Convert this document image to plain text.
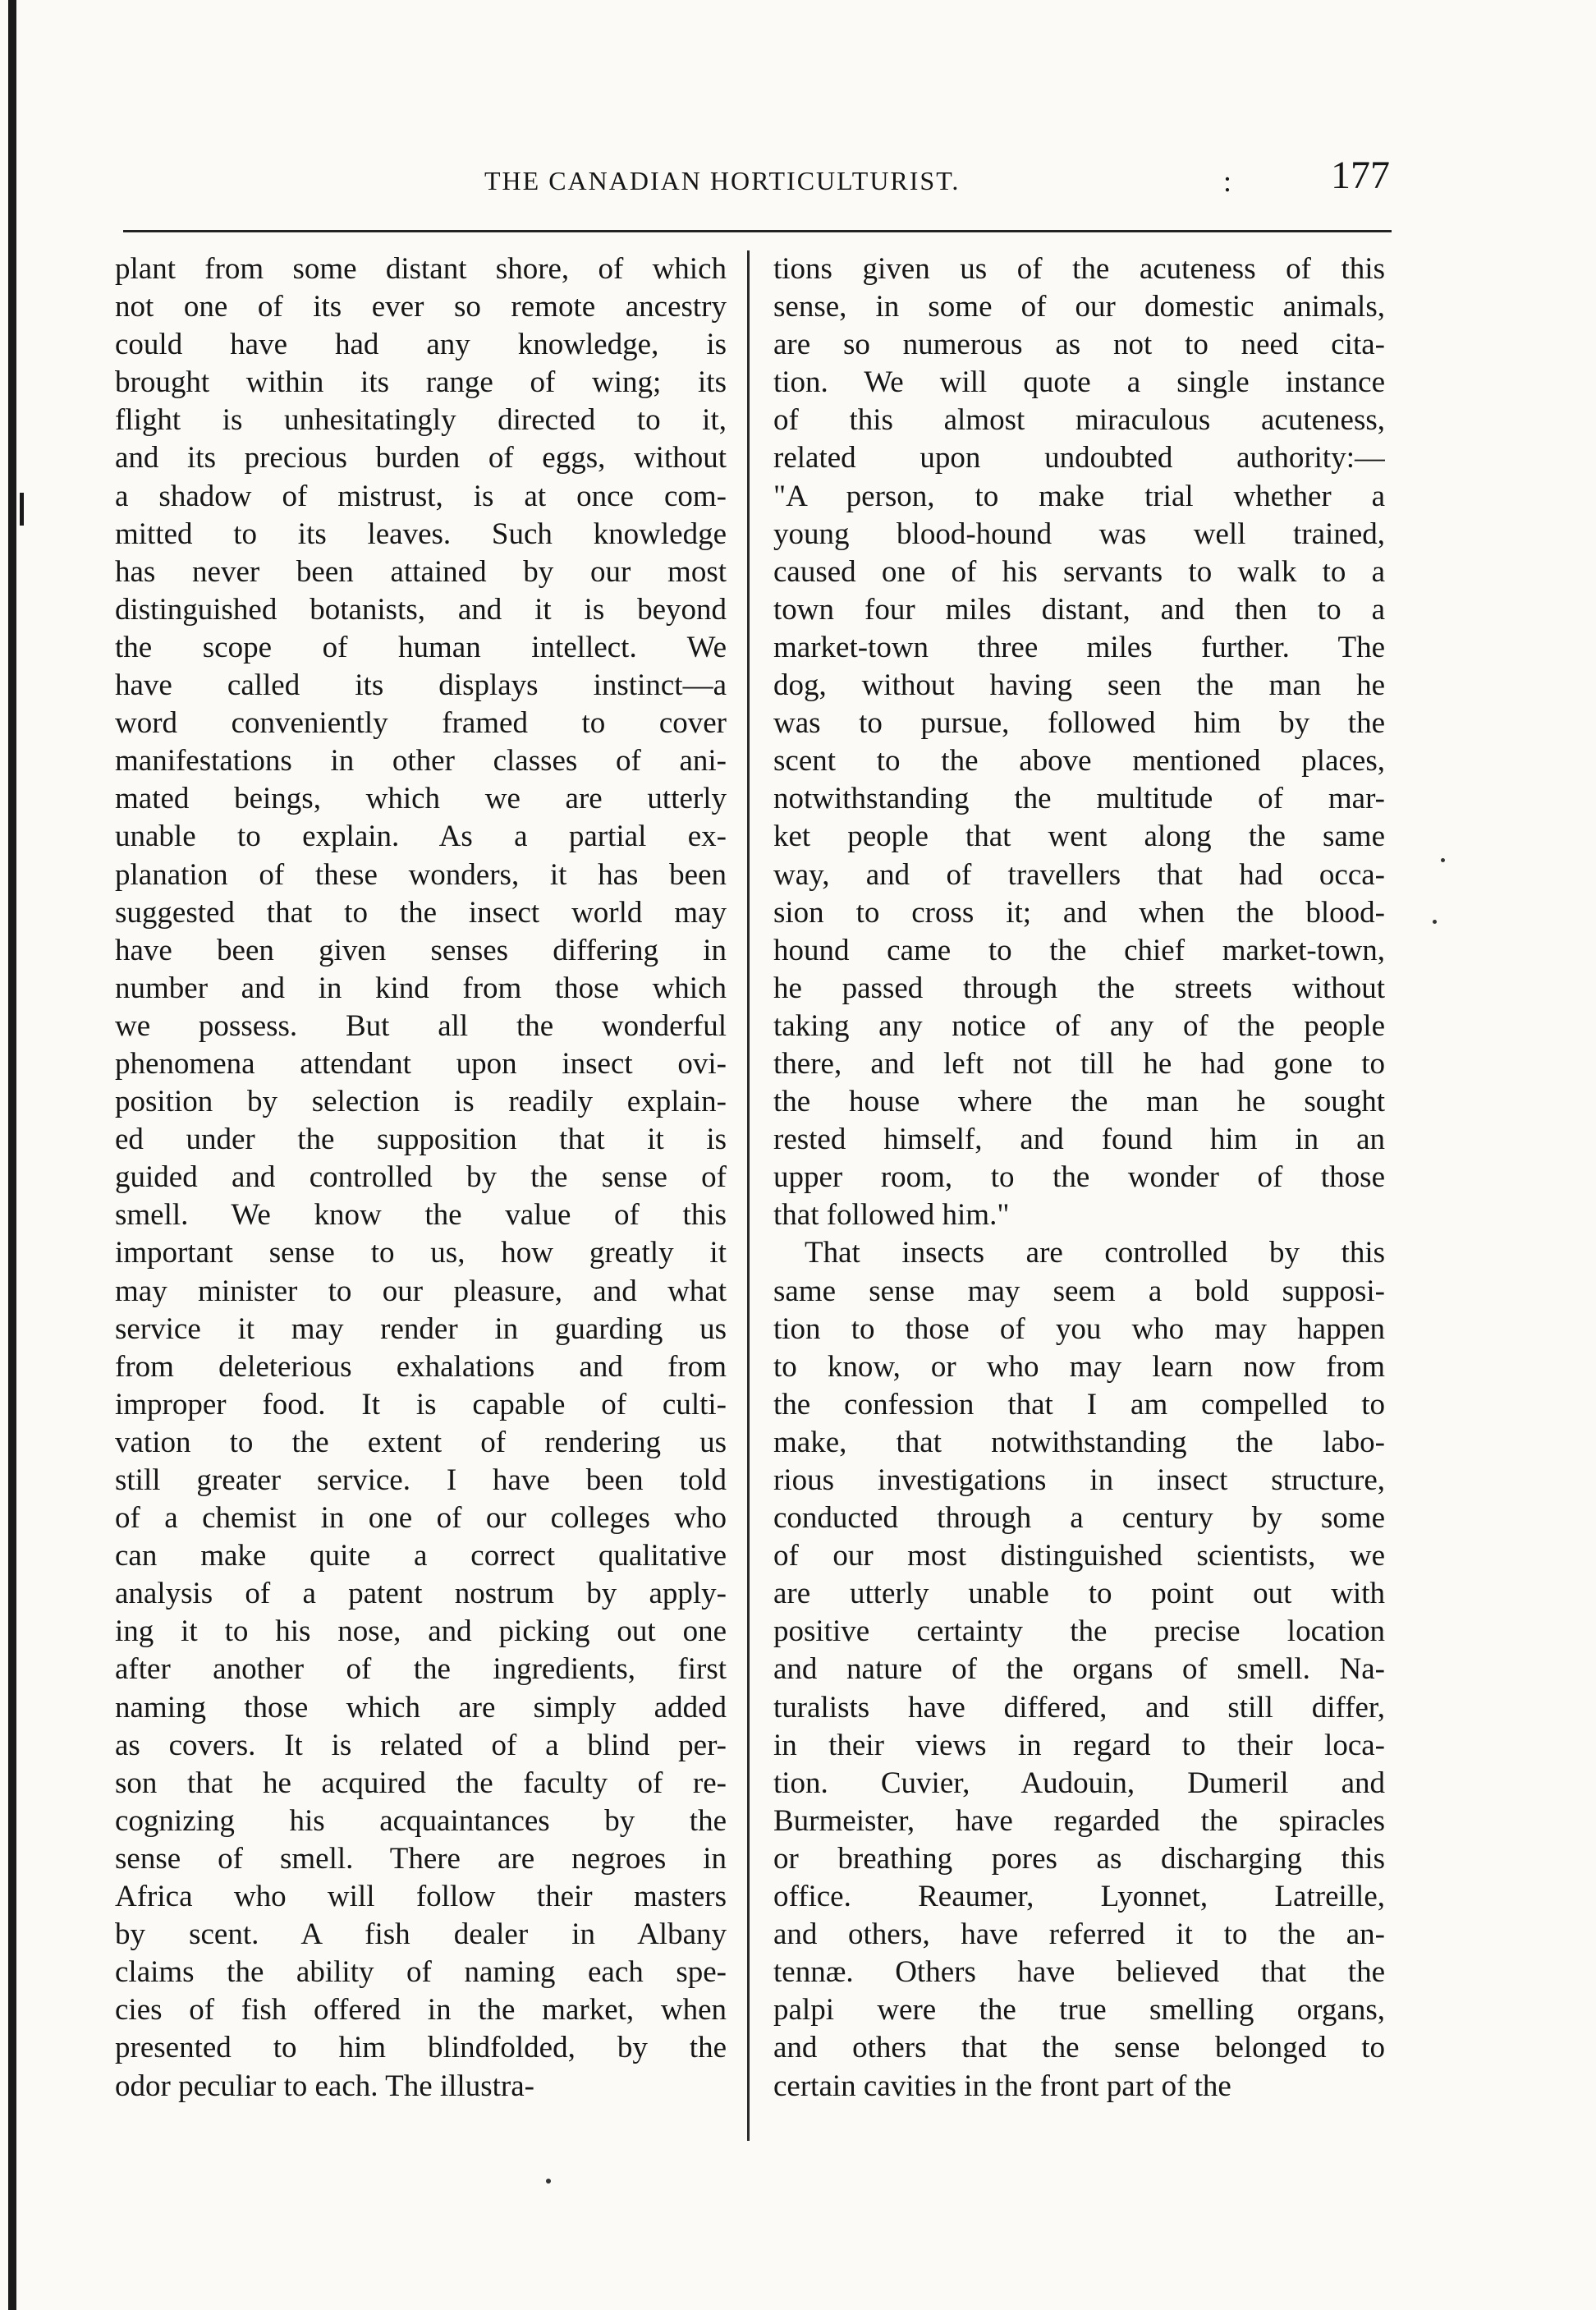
THE CANADIAN HORTICULTURIST.	:	177
plant from some distant shore, of which
not one of its ever so remote ancestry
could have had any knowledge, is
brought within its range of wing; its
flight is unhesitatingly directed to it,
and its precious burden of eggs, without
a shadow of mistrust, is at once com-
mitted to its leaves. Such knowledge
has never been attained by our most
distinguished botanists, and it is beyond
the scope of human intellect. We
have called its displays instinct—a
word conveniently framed to cover
manifestations in other classes of ani-
mated beings, which we are utterly
unable to explain. As a partial ex-
planation of these wonders, it has been
suggested that to the insect world may
have been given senses differing in
number and in kind from those which
we possess. But all the wonderful
phenomena attendant upon insect ovi-
position by selection is readily explain-
ed under the supposition that it is
guided and controlled by the sense of
smell. We know the value of this
important sense to us, how greatly it
may minister to our pleasure, and what
service it may render in guarding us
from deleterious exhalations and from
improper food. It is capable of culti-
vation to the extent of rendering us
still greater service. I have been told
of a chemist in one of our colleges who
can make quite a correct qualitative
analysis of a patent nostrum by apply-
ing it to his nose, and picking out one
after another of the ingredients, first
naming those which are simply added
as covers. It is related of a blind per-
son that he acquired the faculty of re-
cognizing his acquaintances by the
sense of smell. There are negroes in
Africa who will follow their masters
by scent. A fish dealer in Albany
claims the ability of naming each spe-
cies of fish offered in the market, when
presented to him blindfolded, by the
odor peculiar to each. The illustra-
tions given us of the acuteness of this
sense, in some of our domestic animals,
are so numerous as not to need cita-
tion. We will quote a single instance
of this almost miraculous acuteness,
related upon undoubted authority:—
"A person, to make trial whether a
young blood-hound was well trained,
caused one of his servants to walk to a
town four miles distant, and then to a
market-town three miles further. The
dog, without having seen the man he
was to pursue, followed him by the
scent to the above mentioned places,
notwithstanding the multitude of mar-
ket people that went along the same
way, and of travellers that had occa-
sion to cross it; and when the blood-
hound came to the chief market-town,
he passed through the streets without
taking any notice of any of the people
there, and left not till he had gone to
the house where the man he sought
rested himself, and found him in an
upper room, to the wonder of those
that followed him."
That insects are controlled by this
same sense may seem a bold supposi-
tion to those of you who may happen
to know, or who may learn now from
the confession that I am compelled to
make, that notwithstanding the labo-
rious investigations in insect structure,
conducted through a century by some
of our most distinguished scientists, we
are utterly unable to point out with
positive certainty the precise location
and nature of the organs of smell. Na-
turalists have differed, and still differ,
in their views in regard to their loca-
tion. Cuvier, Audouin, Dumeril and
Burmeister, have regarded the spiracles
or breathing pores as discharging this
office. Reaumer, Lyonnet, Latreille,
and others, have referred it to the an-
tennæ. Others have believed that the
palpi were the true smelling organs,
and others that the sense belonged to
certain cavities in the front part of the
